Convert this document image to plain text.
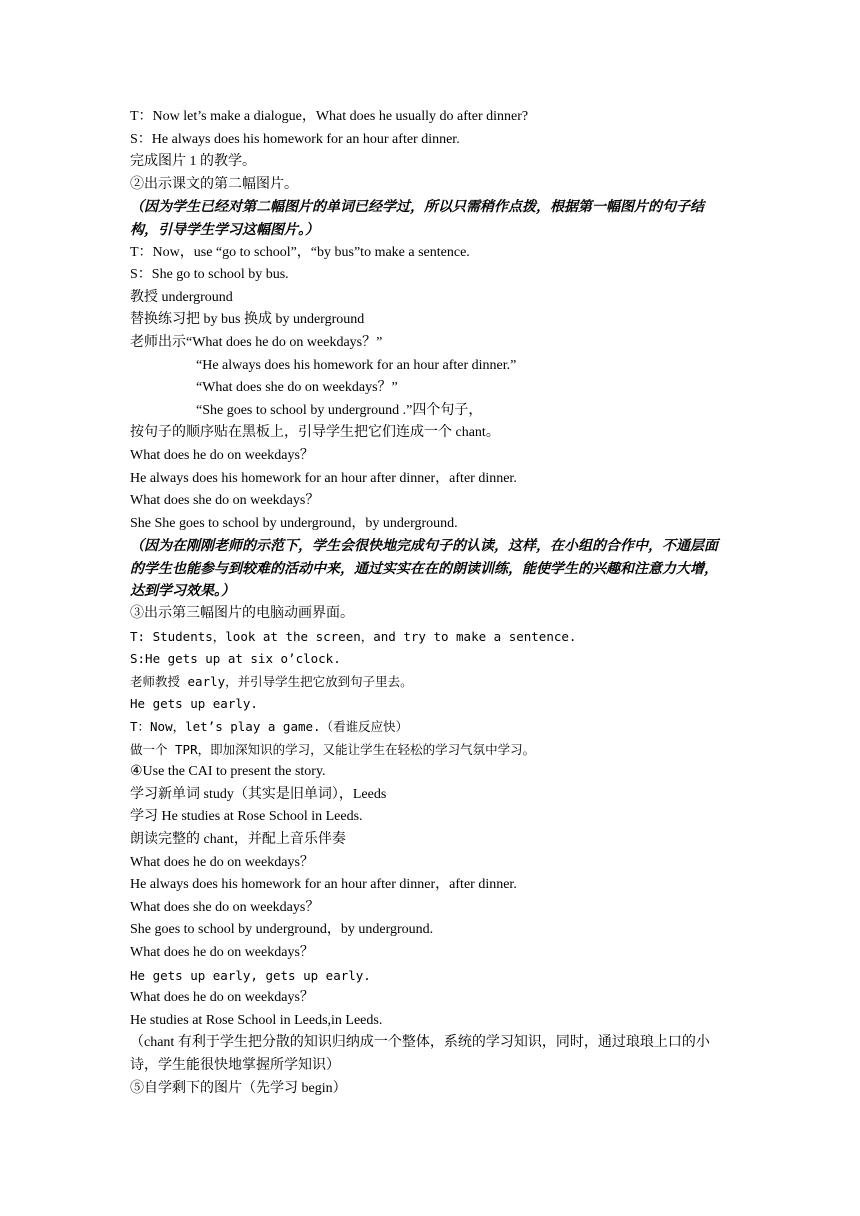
T：Now let’s make a dialogue，What does he usually do after dinner?
S：He always does his homework for an hour after dinner.
完成图片 1 的教学。
②出示课文的第二幅图片。
（因为学生已经对第二幅图片的单词已经学过，所以只需稍作点拨，根据第一幅图片的句子结构，引导学生学习这幅图片。）
T：Now，use “go to school”，“by bus”to make a sentence.
S：She go to school by bus.
教授 underground
替换练习把 by bus 换成 by underground
老师出示“What does he do on weekdays？”
“He always does his homework for an hour after dinner.”
“What does she do on weekdays？”
“She goes to school by underground .”四个句子，
按句子的顺序贴在黑板上，引导学生把它们连成一个 chant。
What does he do on weekdays？
He always does his homework for an hour after dinner，after dinner.
What does she do on weekdays？
She She goes to school by underground，by underground.
（因为在刚刚老师的示范下，学生会很快地完成句子的认读，这样，在小组的合作中，不通层面的学生也能参与到较难的活动中来，通过实实在在的朗读训练，能使学生的兴趣和注意力大增，达到学习效果。）
③出示第三幅图片的电脑动画界面。
T: Students，look at the screen，and try to make a sentence.
S:He gets up at six o’clock.
老师教授 early，并引导学生把它放到句子里去。
He gets up early.
T：Now，let’s play a game.（看谁反应快）
做一个 TPR，即加深知识的学习，又能让学生在轻松的学习气氛中学习。
④Use the CAI to present the story.
学习新单词 study（其实是旧单词），Leeds
学习 He studies at Rose School in Leeds.
朗读完整的 chant，并配上音乐伴奏
What does he do on weekdays？
He always does his homework for an hour after dinner，after dinner.
What does she do on weekdays？
She goes to school by underground，by underground.
What does he do on weekdays？
He gets up early, gets up early.
What does he do on weekdays？
He studies at Rose School in Leeds,in Leeds.
（chant 有利于学生把分散的知识归纳成一个整体，系统的学习知识，同时，通过琅琅上口的小诗，学生能很快地掌握所学知识）
⑤自学剩下的图片（先学习 begin）
